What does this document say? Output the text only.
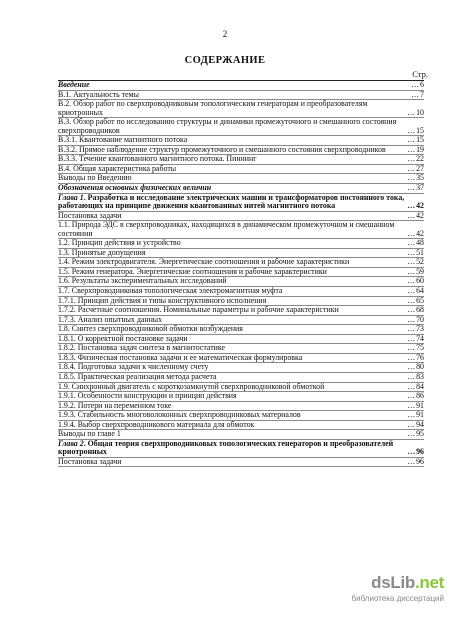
2
СОДЕРЖАНИЕ
Стр.
Введение	… 6
В.1. Актуальность темы	… 7
В.2. Обзор работ по сверхпроводниковым топологическим генераторам и преобразователям криотронных	… 10
В.3. Обзор работ по исследованию структуры и динамики промежуточного и смешанного состояния сверхпроводников	… 15
В.3.1. Квантование магнитного потока	… 15
В.3.2. Прямое наблюдение структур промежуточного и смешанного состояния сверхпроводников	… 19
В.3.3. Течение квантованного магнитного потока. Пиннинг	… 22
В.4. Общая характеристика работы	… 27
Выводы по Введению	… 35
Обозначения основных физических величин	… 37
Глава 1. Разработка и исследование электрических машин и трансформаторов постоянного тока, работающих на принципе движения квантованных нитей магнитного потока	… 42
Постановка задачи	… 42
1.1. Природа ЭДС в сверхпроводниках, находящихся в динамическом промежуточном и смешанном состоянии	… 42
1.2. Принцип действия и устройство	… 48
1.3. Принятые допущения	… 51
1.4. Режим электродвигателя. Энергетические соотношения и рабочие характеристики	… 52
1.5. Режим генератора. Энергетические соотношения и рабочие характеристики	… 59
1.6. Результаты экспериментальных исследований	… 60
1.7. Сверхпроводниковая топологическая электромагнитная муфта	… 64
1.7.1. Принцип действия и типы конструктивного исполнения	… 65
1.7.2. Расчетные соотношения. Номинальные параметры и рабочие характеристики	… 68
1.7.3. Анализ опытных данных	… 70
1.8. Синтез сверхпроводниковой обмотки возбуждения	… 73
1.8.1. О корректной постановке задачи	… 74
1.8.2. Постановка задач синтеза в магнитостатике	… 75
1.8.3. Физическая постановка задачи и ее математическая формулировка	… 76
1.8.4. Подготовка задачи к численному счету	… 80
1.8.5. Практическая реализация метода расчета	… 83
1.9. Синхронный двигатель с короткозамкнутой сверхпроводниковой обмоткой	… 84
1.9.1. Особенности конструкции и принцип действия	… 86
1.9.2. Потери на переменном токе	… 91
1.9.3. Стабильность многоволоконных сверхпроводниковых материалов	… 91
1.9.4. Выбор сверхпроводникового материала для обмоток	… 94
Выводы по главе 1	… 95
Глава 2. Общая теория сверхпроводниковых топологических генераторов и преобразователей криотронных	… 96
Постановка задачи	… 96
dsLib.net
библиотека диссертаций
